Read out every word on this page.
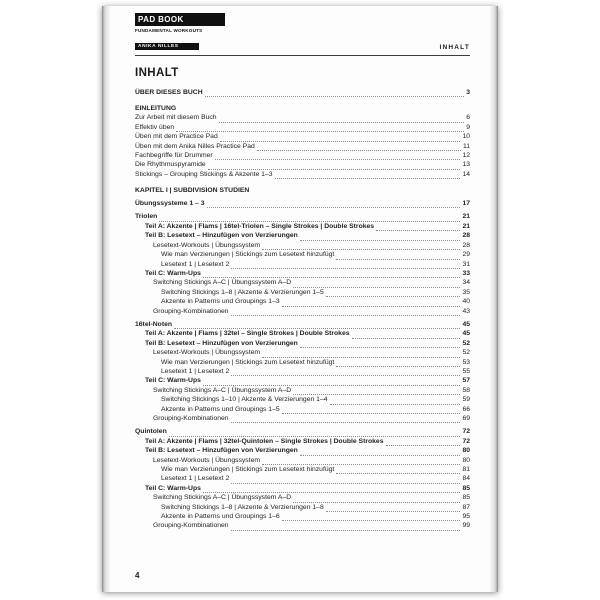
PAD BOOK
FUNDAMENTAL WORKOUTS
ANIKA NILLES	INHALT
INHALT
ÜBER DIESES BUCH	3
EINLEITUNG
Zur Arbeit mit diesem Buch	6
Effektiv üben	9
Üben mit dem Practice Pad	10
Üben mit dem Anika Nilles Practice Pad	11
Fachbegriffe für Drummer	12
Die Rhythmuspyramide	13
Stickings – Grouping Stickings & Akzente 1–3	14
KAPITEL I | SUBDIVISION STUDIEN
Übungssysteme 1 – 3	17
Triolen	21
Teil A: Akzente | Flams | 16tel-Triolen – Single Strokes | Double Strokes	21
Teil B: Lesetext – Hinzufügen von Verzierungen	28
Lesetext-Workouts | Übungssystem	28
Wie man Verzierungen | Stickings zum Lesetext hinzufügt	29
Lesetext 1 | Lesetext 2	31
Teil C: Warm-Ups	33
Switching Stickings A–C | Übungssystem A–D	34
Switching Stickings 1–8 | Akzente & Verzierungen 1–5	35
Akzente in Patterns und Groupings 1–3	40
Grouping-Kombinationen	43
16tel-Noten	45
Teil A: Akzente | Flams | 32tel – Single Strokes | Double Strokes	45
Teil B: Lesetext – Hinzufügen von Verzierungen	52
Lesetext-Workouts | Übungssystem	52
Wie man Verzierungen | Stickings zum Lesetext hinzufügt	53
Lesetext 1 | Lesetext 2	55
Teil C: Warm-Ups	57
Switching Stickings A–C | Übungssystem A–D	58
Switching Stickings 1–10 | Akzente & Verzierungen 1–4	59
Akzente in Patterns und Groupings 1–5	66
Grouping-Kombinationen	69
Quintolen	72
Teil A: Akzente | Flams | 32tel-Quintolen – Single Strokes | Double Strokes	72
Teil B: Lesetext – Hinzufügen von Verzierungen	80
Lesetext-Workouts | Übungssystem	80
Wie man Verzierungen | Stickings zum Lesetext hinzufügt	81
Lesetext 1 | Lesetext 2	84
Teil C: Warm-Ups	85
Switching Stickings A–C | Übungssystem A–D	85
Switching Stickings 1–8 | Akzente & Verzierungen 1–8	87
Akzente in Patterns und Groupings 1–6	95
Grouping-Kombinationen	99
4
